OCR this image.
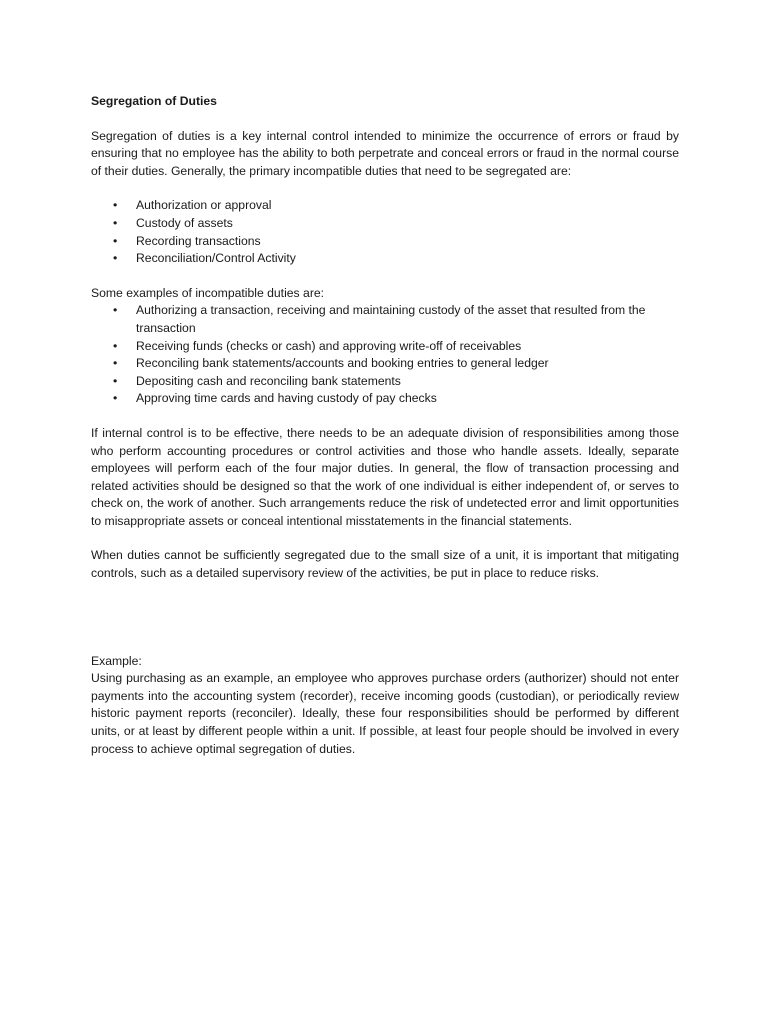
Segregation of Duties

Segregation of duties is a key internal control intended to minimize the occurrence of errors or fraud by ensuring that no employee has the ability to both perpetrate and conceal errors or fraud in the normal course of their duties. Generally, the primary incompatible duties that need to be segregated are:

• Authorization or approval
• Custody of assets
• Recording transactions
• Reconciliation/Control Activity

Some examples of incompatible duties are:

• Authorizing a transaction, receiving and maintaining custody of the asset that resulted from the transaction
• Receiving funds (checks or cash) and approving write-off of receivables
• Reconciling bank statements/accounts and booking entries to general ledger
• Depositing cash and reconciling bank statements
• Approving time cards and having custody of pay checks

If internal control is to be effective, there needs to be an adequate division of responsibilities among those who perform accounting procedures or control activities and those who handle assets. Ideally, separate employees will perform each of the four major duties. In general, the flow of transaction processing and related activities should be designed so that the work of one individual is either independent of, or serves to check on, the work of another. Such arrangements reduce the risk of undetected error and limit opportunities to misappropriate assets or conceal intentional misstatements in the financial statements.

When duties cannot be sufficiently segregated due to the small size of a unit, it is important that mitigating controls, such as a detailed supervisory review of the activities, be put in place to reduce risks.

Example:

Using purchasing as an example, an employee who approves purchase orders (authorizer) should not enter payments into the accounting system (recorder), receive incoming goods (custodian), or periodically review historic payment reports (reconciler). Ideally, these four responsibilities should be performed by different units, or at least by different people within a unit. If possible, at least four people should be involved in every process to achieve optimal segregation of duties.
